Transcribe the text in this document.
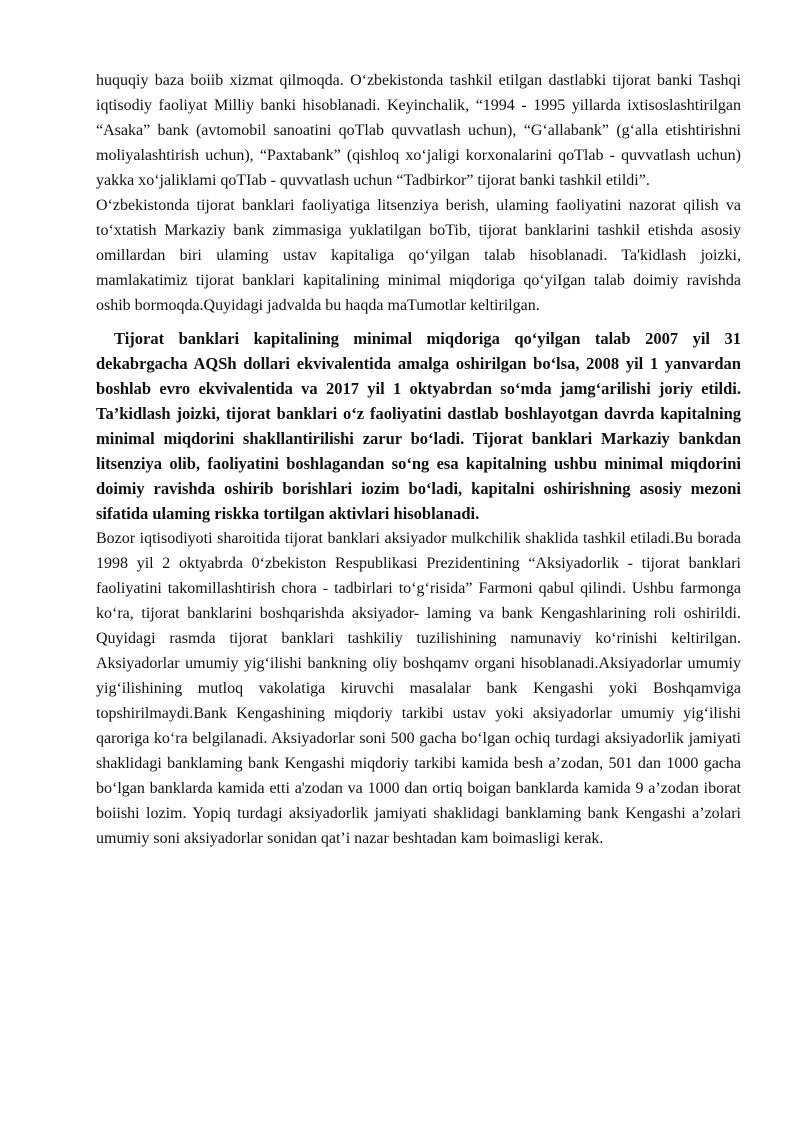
huquqiy baza boiib xizmat qilmoqda. O‘zbekistonda tashkil etilgan dastlabki tijorat banki Tashqi iqtisodiy faoliyat Milliy banki hisoblanadi. Keyinchalik, “1994 - 1995 yillarda ixtisoslashtirilgan “Asaka” bank (avtomobil sanoatini qoTlab quvvatlash uchun), “G‘allabank” (g‘alla etishtirishni moliyalashtirish uchun), “Paxtabank” (qishloq xo‘jaligi korxonalarini qoTlab - quvvatlash uchun) yakka xo‘jaliklami qoTIab - quvvatlash uchun “Tadbirkor” tijorat banki tashkil etildi”.

O‘zbekistonda tijorat banklari faoliyatiga litsenziya berish, ulaming faoliyatini nazorat qilish va to‘xtatish Markaziy bank zimmasiga yuklatilgan boTib, tijorat banklarini tashkil etishda asosiy omillardan biri ulaming ustav kapitaliga qo‘yilgan talab hisoblanadi. Ta'kidlash joizki, mamlakatimiz tijorat banklari kapitalining minimal miqdoriga qo‘yiIgan talab doimiy ravishda oshib bormoqda.Quyidagi jadvalda bu haqda maTumotlar keltirilgan.

Tijorat banklari kapitalining minimal miqdoriga qo‘yilgan talab 2007 yil 31 dekabrgacha AQSh dollari ekvivalentida amalga oshirilgan bo‘lsa, 2008 yil 1 yanvardan boshlab evro ekvivalentida va 2017 yil 1 oktyabrdan so‘mda jamg‘arilishi joriy etildi. Ta’kidlash joizki, tijorat banklari o‘z faoliyatini dastlab boshlayotgan davrda kapitalning minimal miqdorini shakllantirilishi zarur bo‘ladi. Tijorat banklari Markaziy bankdan litsenziya olib, faoliyatini boshlagandan so‘ng esa kapitalning ushbu minimal miqdorini doimiy ravishda oshirib borishlari iozim bo‘ladi, kapitalni oshirishning asosiy mezoni sifatida ulaming riskka tortilgan aktivlari hisoblanadi.

Bozor iqtisodiyoti sharoitida tijorat banklari aksiyador mulkchilik shaklida tashkil etiladi.Bu borada 1998 yil 2 oktyabrda 0‘zbekiston Respublikasi Prezidentining “Aksiyadorlik - tijorat banklari faoliyatini takomillashtirish chora - tadbirlari to‘g‘risida” Farmoni qabul qilindi. Ushbu farmonga ko‘ra, tijorat banklarini boshqarishda aksiyador- laming va bank Kengashlarining roli oshirildi. Quyidagi rasmda tijorat banklari tashkiliy tuzilishining namunaviy ko‘rinishi keltirilgan. Aksiyadorlar umumiy yig‘ilishi bankning oliy boshqamv organi hisoblanadi.Aksiyadorlar umumiy yig‘ilishining mutloq vakolatiga kiruvchi masalalar bank Kengashi yoki Boshqamviga topshirilmaydi.Bank Kengashining miqdoriy tarkibi ustav yoki aksiyadorlar umumiy yig‘ilishi qaroriga ko‘ra belgilanadi. Aksiyadorlar soni 500 gacha bo‘lgan ochiq turdagi aksiyadorlik jamiyati shaklidagi banklaming bank Kengashi miqdoriy tarkibi kamida besh a’zodan, 501 dan 1000 gacha bo‘lgan banklarda kamida etti a'zodan va 1000 dan ortiq boigan banklarda kamida 9 a’zodan iborat boiishi lozim. Yopiq turdagi aksiyadorlik jamiyati shaklidagi banklaming bank Kengashi a’zolari umumiy soni aksiyadorlar sonidan qat’i nazar beshtadan kam boimasligi kerak.
